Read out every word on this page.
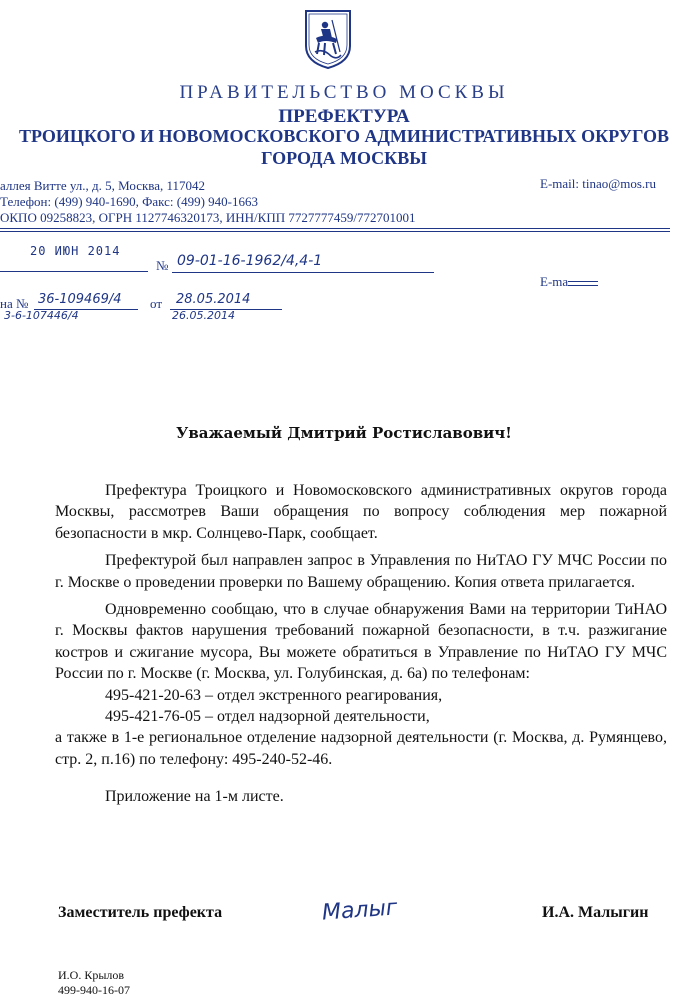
ПРАВИТЕЛЬСТВО МОСКВЫ
ПРЕФЕКТУРА
ТРОИЦКОГО И НОВОМОСКОВСКОГО АДМИНИСТРАТИВНЫХ ОКРУГОВ
ГОРОДА МОСКВЫ
аллея Витте ул., д. 5, Москва, 117042
Телефон: (499) 940-1690, Факс: (499) 940-1663
ОКПО 09258823, ОГРН 1127746320173, ИНН/КПП 7727777459/772701001
E-mail: tinao@mos.ru
20 ИЮН 2014
№ 09-01-16-1962/4,4-1
E-ma
на № 36-109469/4
3-6-107446/4
от 28.05.2014
26.05.2014
Уважаемый Дмитрий Ростиславович!

Префектура Троицкого и Новомосковского административных округов города Москвы, рассмотрев Ваши обращения по вопросу соблюдения мер пожарной безопасности в мкр. Солнцево-Парк, сообщает.

Префектурой был направлен запрос в Управления по НиТАО ГУ МЧС России по г. Москве о проведении проверки по Вашему обращению. Копия ответа прилагается.

Одновременно сообщаю, что в случае обнаружения Вами на территории ТиНАО г. Москвы фактов нарушения требований пожарной безопасности, в т.ч. разжигание костров и сжигание мусора, Вы можете обратиться в Управление по НиТАО ГУ МЧС России по г. Москве (г. Москва, ул. Голубинская, д. 6а) по телефонам:

495-421-20-63 – отдел экстренного реагирования,

495-421-76-05 – отдел надзорной деятельности,

а также в 1-е региональное отделение надзорной деятельности (г. Москва, д. Румянцево, стр. 2, п.16) по телефону: 495-240-52-46.

Приложение на 1-м листе.

Заместитель префекта	Малыг	И.А. Малыгин
И.О. Крылов
499-940-16-07
